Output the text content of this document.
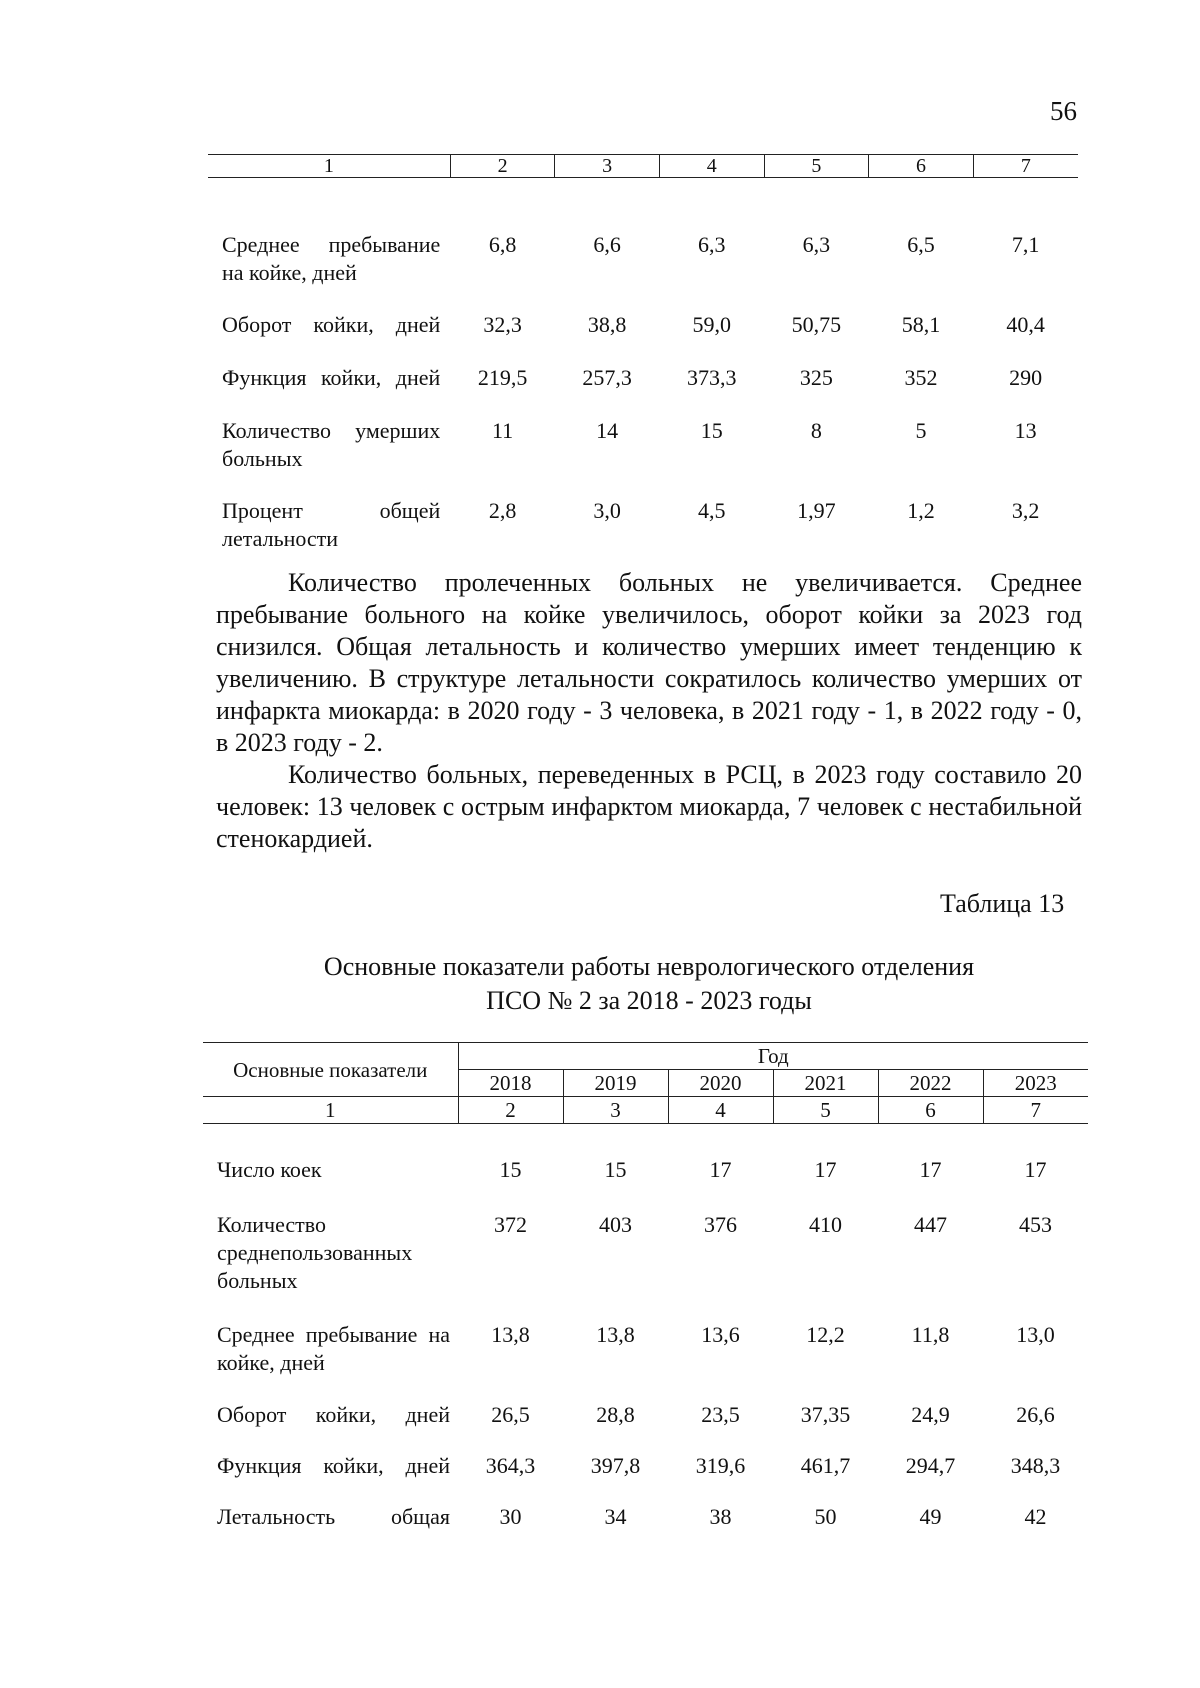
56
1	2	3	4	5	6	7
Среднее пребывание на койке, дней	6,8	6,6	6,3	6,3	6,5	7,1
Оборот койки, дней	32,3	38,8	59,0	50,75	58,1	40,4
Функция койки, дней	219,5	257,3	373,3	325	352	290
Количество умерших больных	11	14	15	8	5	13
Процент общей летальности	2,8	3,0	4,5	1,97	1,2	3,2

Количество пролеченных больных не увеличивается. Среднее пребывание больного на койке увеличилось, оборот койки за 2023 год снизился. Общая летальность и количество умерших имеет тенденцию к увеличению. В структуре летальности сократилось количество умерших от инфаркта миокарда: в 2020 году - 3 человека, в 2021 году - 1, в 2022 году - 0, в 2023 году - 2.

Количество больных, переведенных в РСЦ, в 2023 году составило 20 человек: 13 человек с острым инфарктом миокарда, 7 человек с нестабильной стенокардией.

Таблица 13
Основные показатели работы неврологического отделения
ПСО № 2 за 2018 - 2023 годы
Основные показатели	Год					
	2018	2019	2020	2021	2022	2023
1	2	3	4	5	6	7
Число коек	15	15	17	17	17	17
Количество среднепользованных больных	372	403	376	410	447	453
Среднее пребывание на койке, дней	13,8	13,8	13,6	12,2	11,8	13,0
Оборот койки, дней	26,5	28,8	23,5	37,35	24,9	26,6
Функция койки, дней	364,3	397,8	319,6	461,7	294,7	348,3
Летальность общая	30	34	38	50	49	42
